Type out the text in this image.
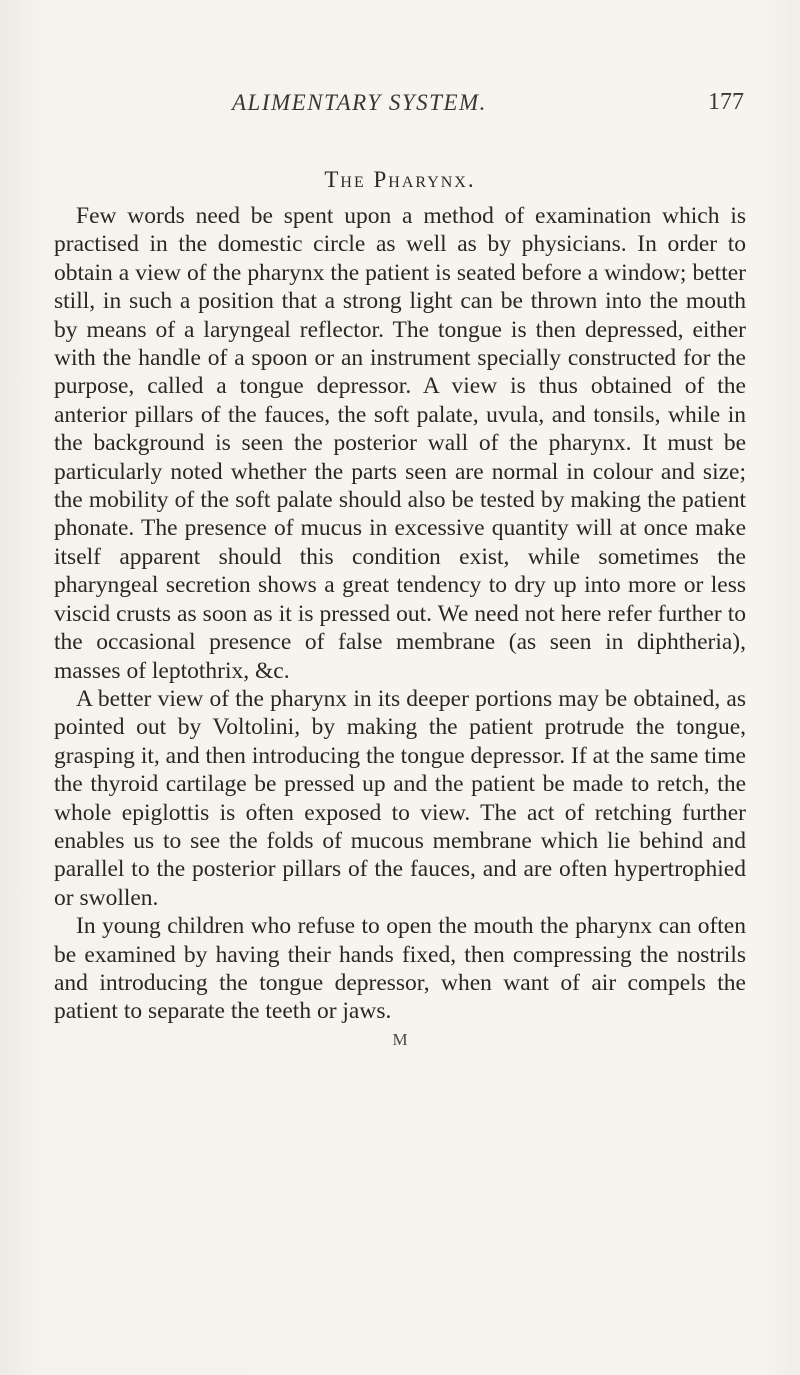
ALIMENTARY SYSTEM.	177
The Pharynx.

Few words need be spent upon a method of examination which is practised in the domestic circle as well as by physicians. In order to obtain a view of the pharynx the patient is seated before a window; better still, in such a position that a strong light can be thrown into the mouth by means of a laryngeal reflector. The tongue is then depressed, either with the handle of a spoon or an instrument specially constructed for the purpose, called a tongue depressor. A view is thus obtained of the anterior pillars of the fauces, the soft palate, uvula, and tonsils, while in the background is seen the posterior wall of the pharynx. It must be particularly noted whether the parts seen are normal in colour and size; the mobility of the soft palate should also be tested by making the patient phonate. The presence of mucus in excessive quantity will at once make itself apparent should this condition exist, while sometimes the pharyngeal secretion shows a great tendency to dry up into more or less viscid crusts as soon as it is pressed out. We need not here refer further to the occasional presence of false membrane (as seen in diphtheria), masses of leptothrix, &c.

A better view of the pharynx in its deeper portions may be obtained, as pointed out by Voltolini, by making the patient protrude the tongue, grasping it, and then introducing the tongue depressor. If at the same time the thyroid cartilage be pressed up and the patient be made to retch, the whole epiglottis is often exposed to view. The act of retching further enables us to see the folds of mucous membrane which lie behind and parallel to the posterior pillars of the fauces, and are often hypertrophied or swollen.

In young children who refuse to open the mouth the pharynx can often be examined by having their hands fixed, then compressing the nostrils and introducing the tongue depressor, when want of air compels the patient to separate the teeth or jaws.

M
